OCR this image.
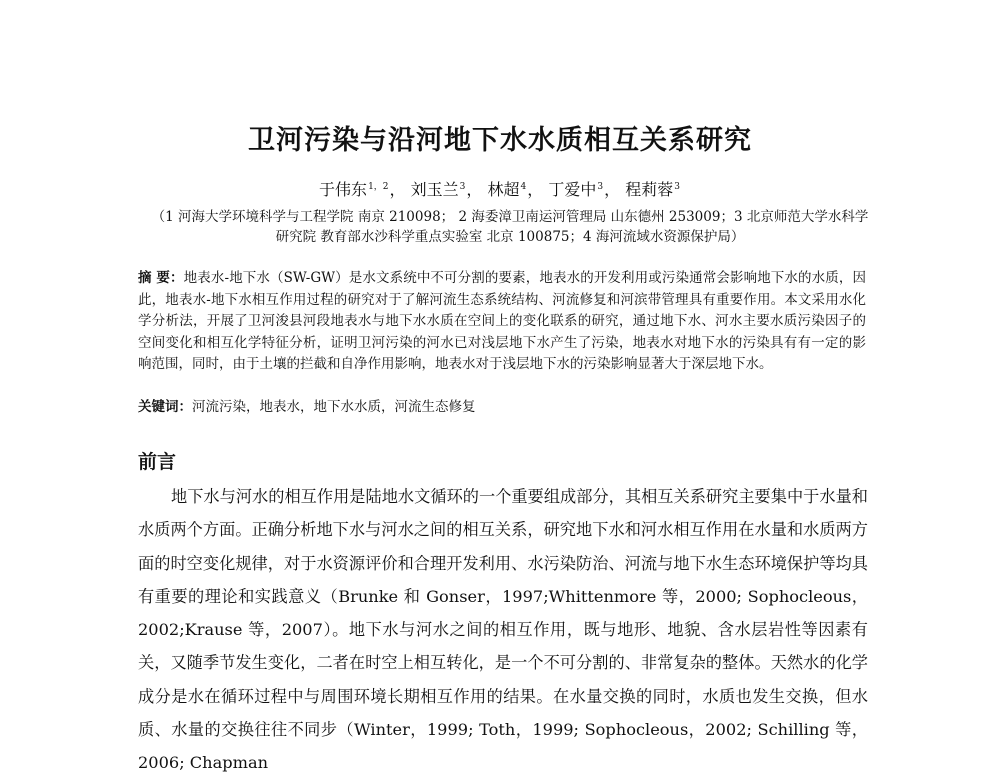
卫河污染与沿河地下水水质相互关系研究
于伟东$^{1,2}$， 刘玉兰$^3$， 林超$^4$， 丁爱中$^3$， 程莉蓉$^3$
（1 河海大学环境科学与工程学院 南京 210098； 2 海委漳卫南运河管理局 山东德州 253009；3 北京师范大学水科学研究院 教育部水沙科学重点实验室 北京 100875；4 海河流域水资源保护局）
摘 要：地表水-地下水（SW-GW）是水文系统中不可分割的要素，地表水的开发利用或污染通常会影响地下水的水质，因此，地表水-地下水相互作用过程的研究对于了解河流生态系统结构、河流修复和河滨带管理具有重要作用。本文采用水化学分析法，开展了卫河浚县河段地表水与地下水水质在空间上的变化联系的研究，通过地下水、河水主要水质污染因子的空间变化和相互化学特征分析，证明卫河污染的河水已对浅层地下水产生了污染，地表水对地下水的污染具有有一定的影响范围，同时，由于土壤的拦截和自净作用影响，地表水对于浅层地下水的污染影响显著大于深层地下水。
关键词：河流污染，地表水，地下水水质，河流生态修复
前言
地下水与河水的相互作用是陆地水文循环的一个重要组成部分，其相互关系研究主要集中于水量和水质两个方面。正确分析地下水与河水之间的相互关系，研究地下水和河水相互作用在水量和水质两方面的时空变化规律，对于水资源评价和合理开发利用、水污染防治、河流与地下水生态环境保护等均具有重要的理论和实践意义（Brunke 和 Gonser，1997;Whittenmore 等，2000; Sophocleous，2002;Krause 等，2007）。地下水与河水之间的相互作用，既与地形、地貌、含水层岩性等因素有关，又随季节发生变化，二者在时空上相互转化，是一个不可分割的、非常复杂的整体。天然水的化学成分是水在循环过程中与周围环境长期相互作用的结果。在水量交换的同时，水质也发生交换，但水质、水量的交换往往不同步（Winter，1999; Toth，1999; Sophocleous，2002; Schilling 等，2006; Chapman
